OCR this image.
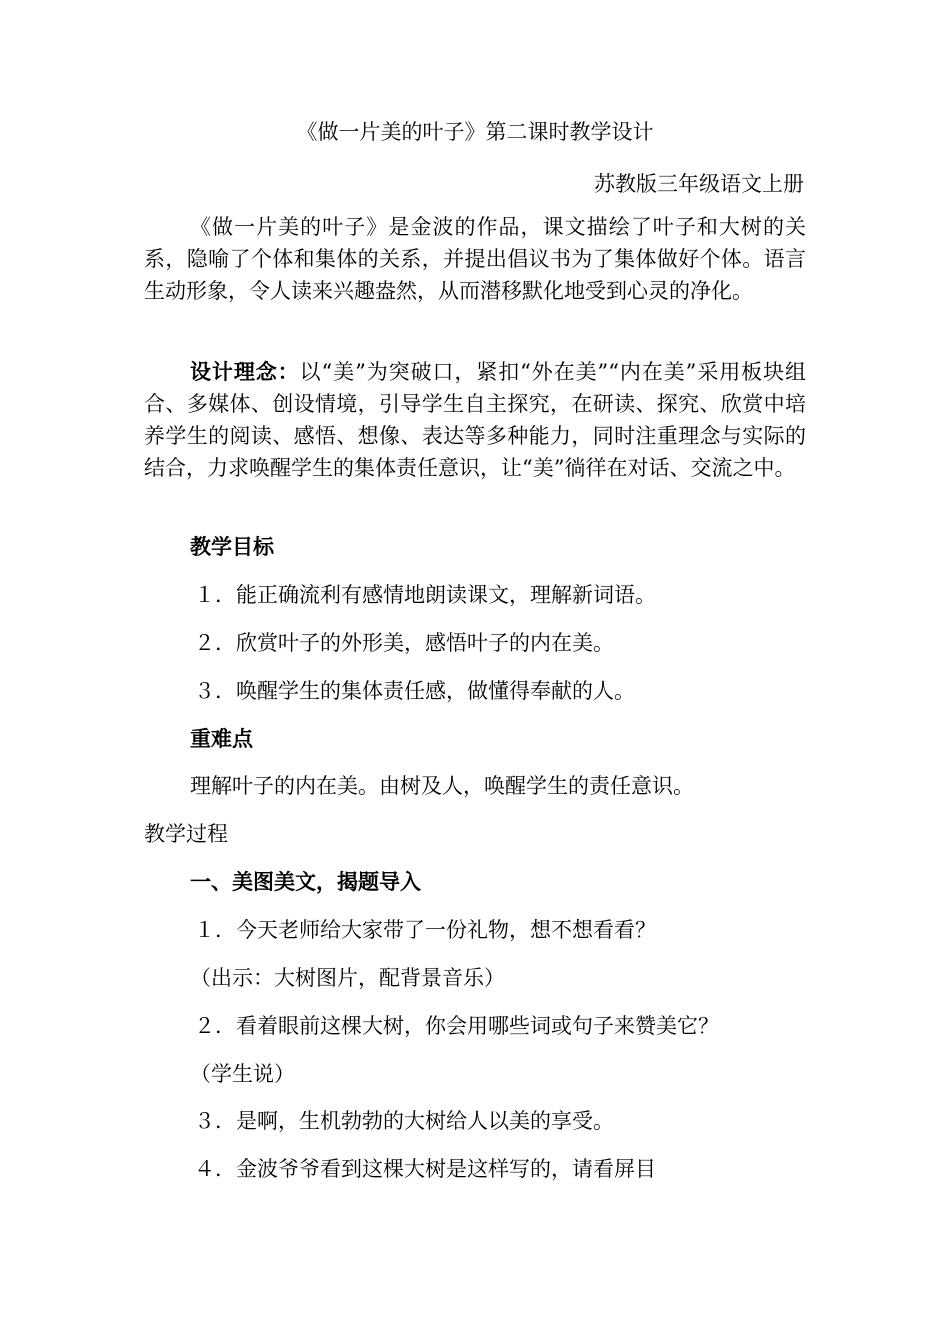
《做一片美的叶子》第二课时教学设计
苏教版三年级语文上册
《做一片美的叶子》是金波的作品，课文描绘了叶子和大树的关系，隐喻了个体和集体的关系，并提出倡议书为了集体做好个体。语言生动形象，令人读来兴趣盎然，从而潜移默化地受到心灵的净化。
设计理念：以“美”为突破口，紧扣“外在美”“内在美”采用板块组合、多媒体、创设情境，引导学生自主探究，在研读、探究、欣赏中培养学生的阅读、感悟、想像、表达等多种能力，同时注重理念与实际的结合，力求唤醒学生的集体责任意识，让“美”徜徉在对话、交流之中。
教学目标
１．能正确流利有感情地朗读课文，理解新词语。
２．欣赏叶子的外形美，感悟叶子的内在美。
３．唤醒学生的集体责任感，做懂得奉献的人。
重难点
理解叶子的内在美。由树及人，唤醒学生的责任意识。
教学过程
一、美图美文，揭题导入
１．今天老师给大家带了一份礼物，想不想看看？
（出示：大树图片，配背景音乐）
２．看着眼前这棵大树，你会用哪些词或句子来赞美它？
（学生说）
３．是啊，生机勃勃的大树给人以美的享受。
４．金波爷爷看到这棵大树是这样写的，请看屏目
